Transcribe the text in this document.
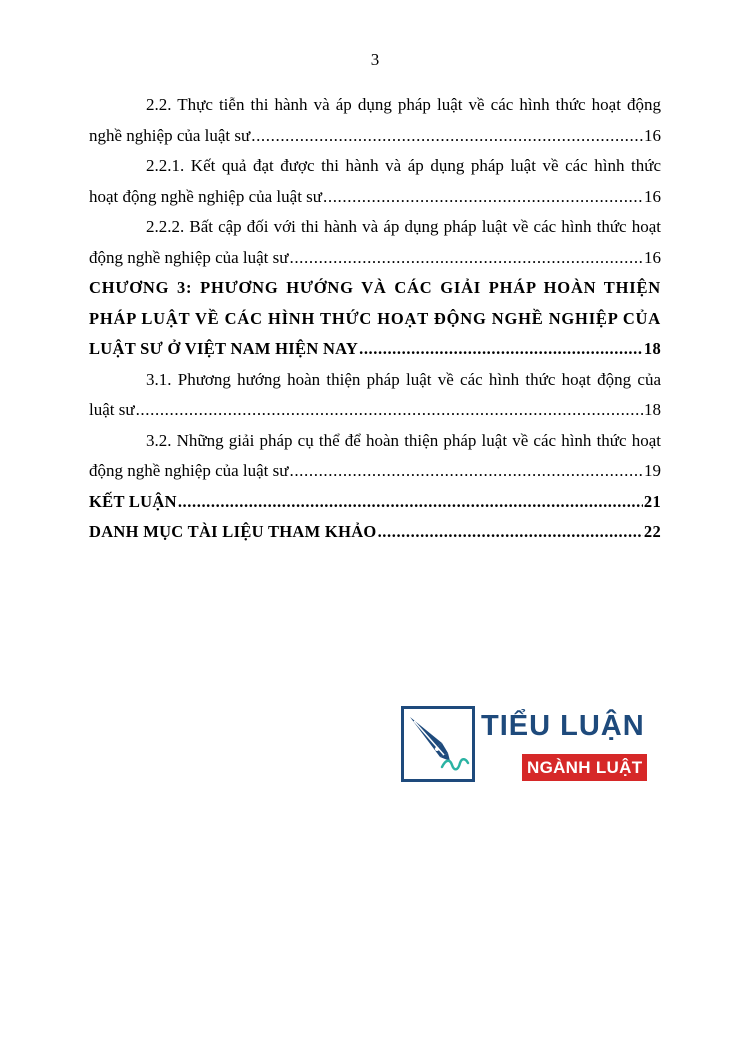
3
2.2. Thực tiễn thi hành và áp dụng pháp luật về các hình thức hoạt động
nghề nghiệp của luật sư .....	16
2.2.1. Kết quả đạt được thi hành và áp dụng pháp luật về các hình thức
hoạt động nghề nghiệp của luật sư .....	16
2.2.2. Bất cập đối với thi hành và áp dụng pháp luật về các hình thức hoạt
động nghề nghiệp của luật sư .....	16
CHƯƠNG 3: PHƯƠNG HƯỚNG VÀ CÁC GIẢI PHÁP HOÀN THIỆN
PHÁP LUẬT VỀ CÁC HÌNH THỨC HOẠT ĐỘNG NGHỀ NGHIỆP CỦA
LUẬT SƯ Ở VIỆT NAM HIỆN NAY .....	18
3.1. Phương hướng hoàn thiện pháp luật về các hình thức hoạt động của
luật sư .....	18
3.2. Những giải pháp cụ thể để hoàn thiện pháp luật về các hình thức hoạt
động nghề nghiệp của luật sư .....	19
KẾT LUẬN .....	21
DANH MỤC TÀI LIỆU THAM KHẢO .....	22
TIỂU LUẬN
NGÀNH LUẬT
